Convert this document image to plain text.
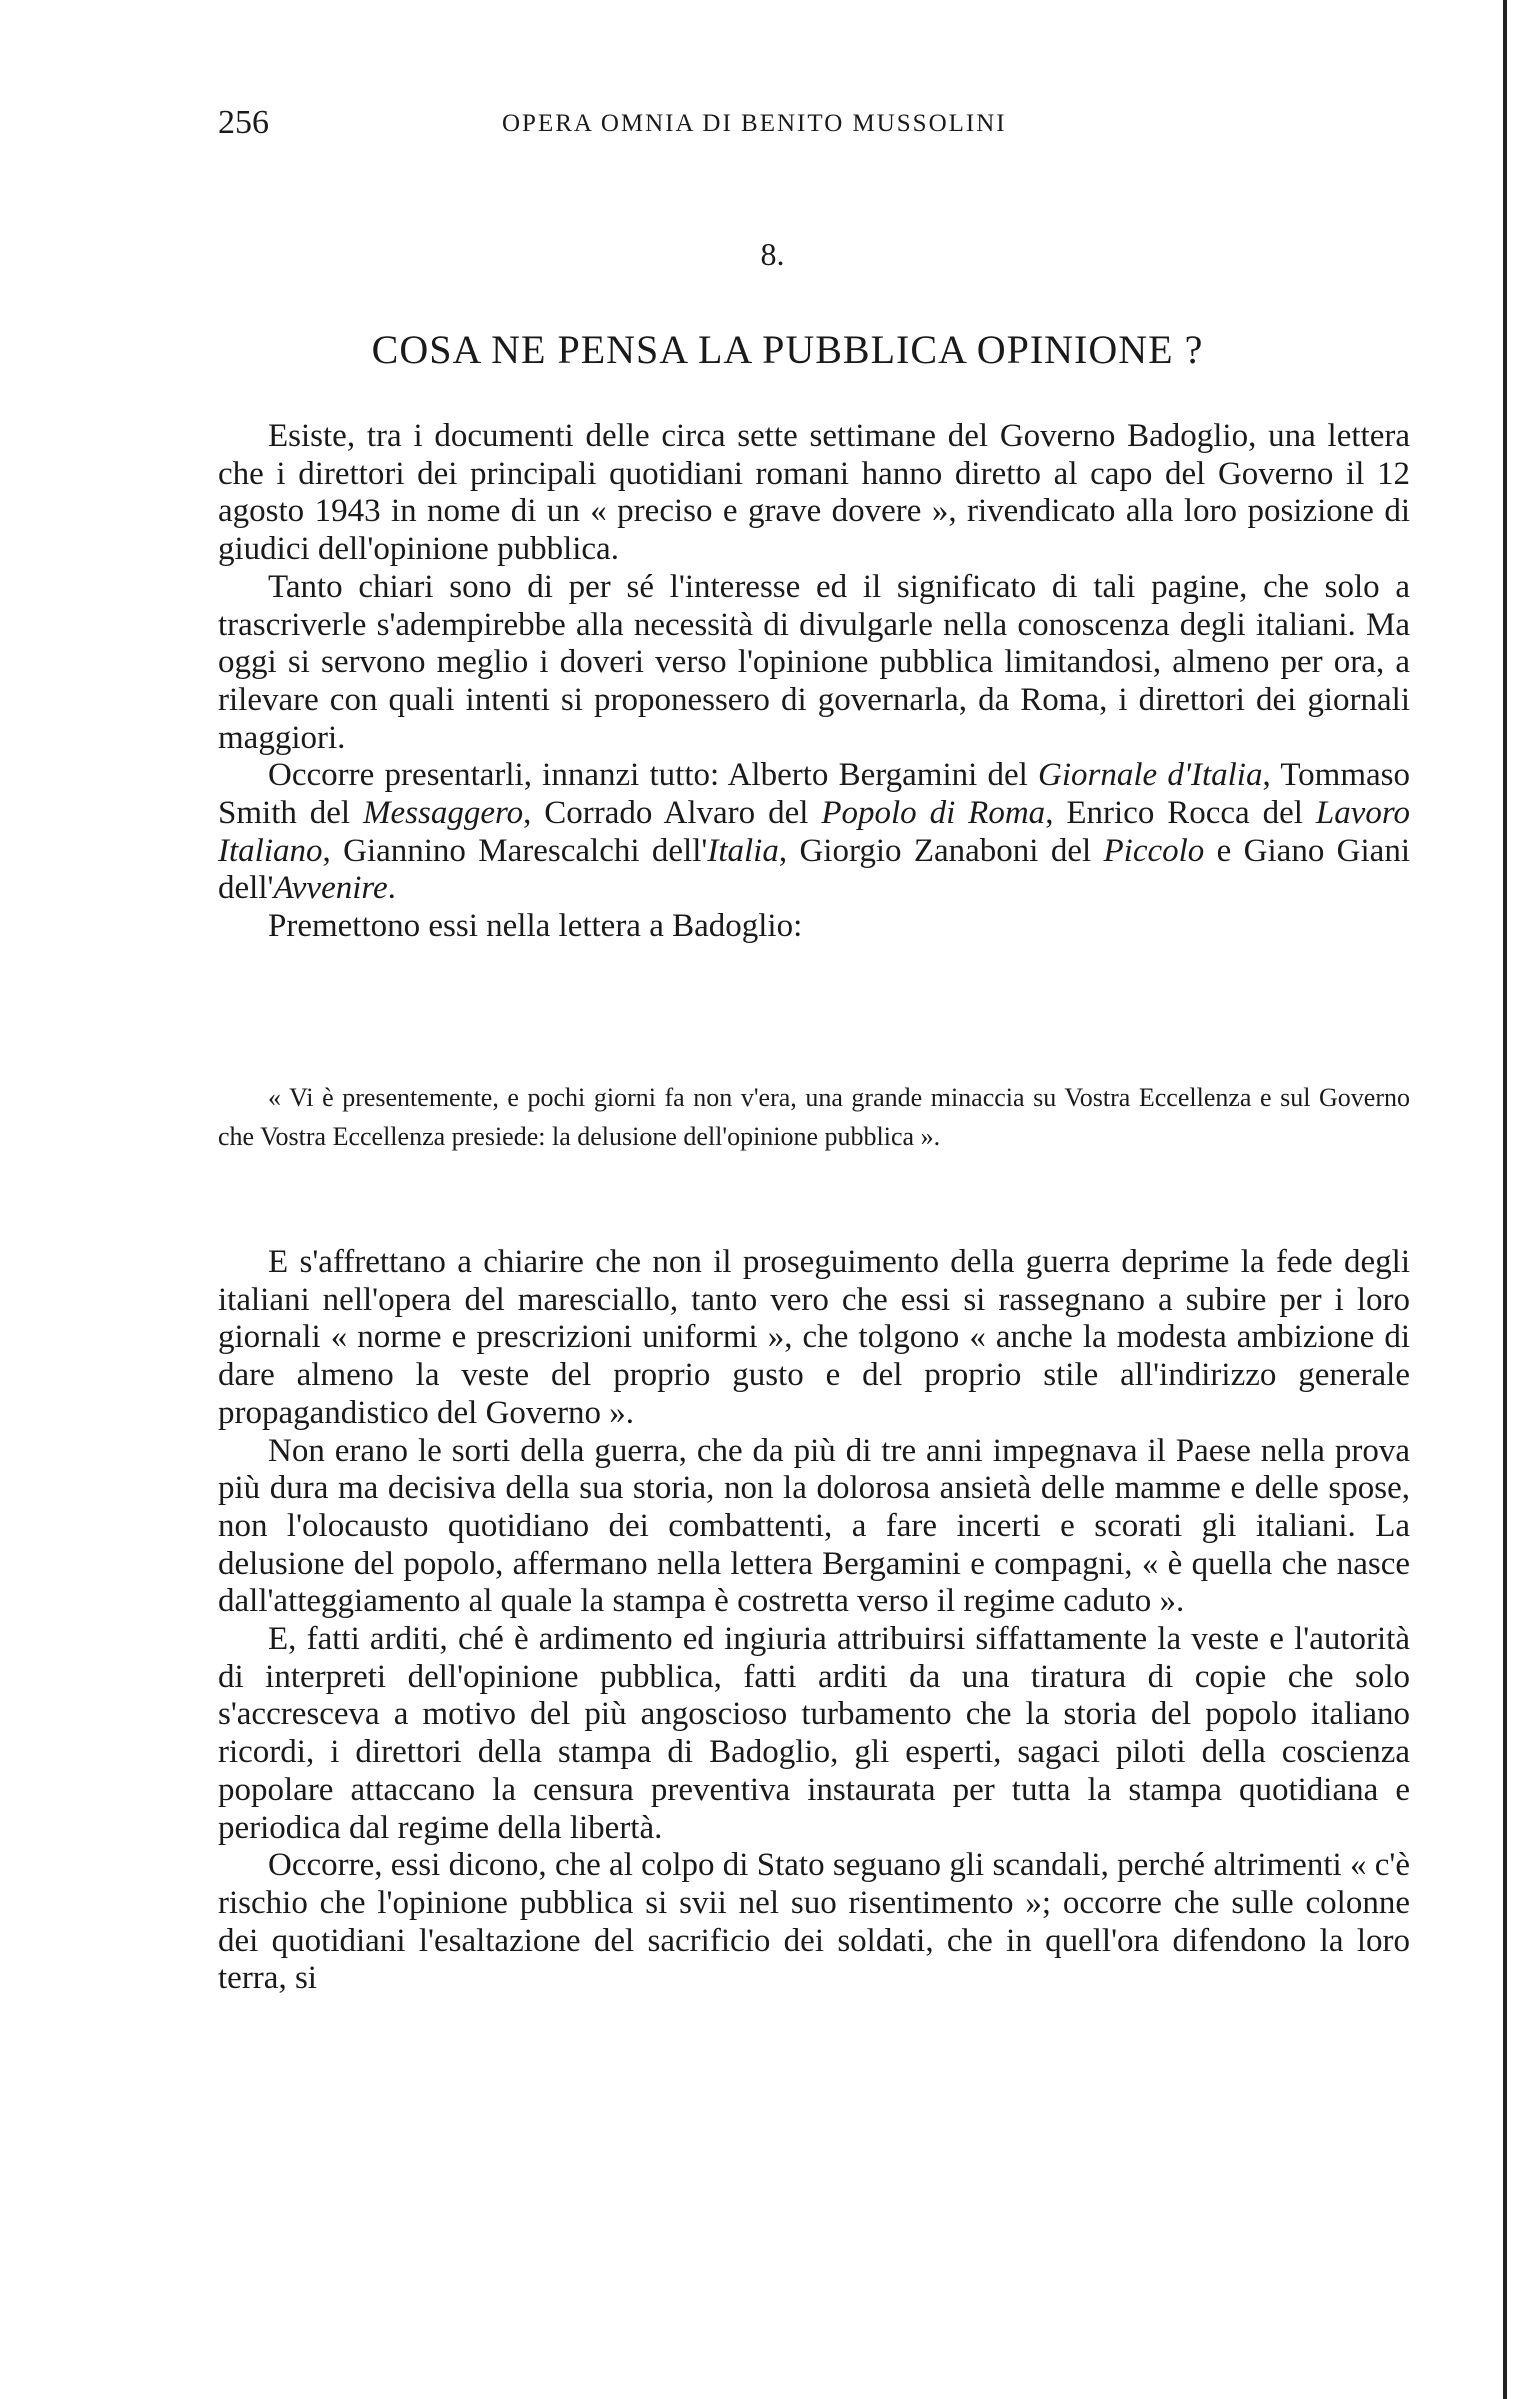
256	OPERA OMNIA DI BENITO MUSSOLINI
8.
COSA NE PENSA LA PUBBLICA OPINIONE ?

Esiste, tra i documenti delle circa sette settimane del Governo Badoglio, una lettera che i direttori dei principali quotidiani romani hanno diretto al capo del Governo il 12 agosto 1943 in nome di un « preciso e grave dovere », rivendicato alla loro posizione di giudici dell'opinione pubblica.

Tanto chiari sono di per sé l'interesse ed il significato di tali pagine, che solo a trascriverle s'adempirebbe alla necessità di divulgarle nella conoscenza degli italiani. Ma oggi si servono meglio i doveri verso l'opinione pubblica limitandosi, almeno per ora, a rilevare con quali intenti si proponessero di governarla, da Roma, i direttori dei giornali maggiori.

Occorre presentarli, innanzi tutto: Alberto Bergamini del Giornale d'Italia, Tommaso Smith del Messaggero, Corrado Alvaro del Popolo di Roma, Enrico Rocca del Lavoro Italiano, Giannino Marescalchi dell'Italia, Giorgio Zanaboni del Piccolo e Giano Giani dell'Avvenire.

Premettono essi nella lettera a Badoglio:

« Vi è presentemente, e pochi giorni fa non v'era, una grande minaccia su Vostra Eccellenza e sul Governo che Vostra Eccellenza presiede: la delusione dell'opinione pubblica ».

E s'affrettano a chiarire che non il proseguimento della guerra deprime la fede degli italiani nell'opera del maresciallo, tanto vero che essi si rassegnano a subire per i loro giornali « norme e prescrizioni uniformi », che tolgono « anche la modesta ambizione di dare almeno la veste del proprio gusto e del proprio stile all'indirizzo generale propagandistico del Governo ».

Non erano le sorti della guerra, che da più di tre anni impegnava il Paese nella prova più dura ma decisiva della sua storia, non la dolorosa ansietà delle mamme e delle spose, non l'olocausto quotidiano dei combattenti, a fare incerti e scorati gli italiani. La delusione del popolo, affermano nella lettera Bergamini e compagni, « è quella che nasce dall'atteggiamento al quale la stampa è costretta verso il regime caduto ».

E, fatti arditi, ché è ardimento ed ingiuria attribuirsi siffattamente la veste e l'autorità di interpreti dell'opinione pubblica, fatti arditi da una tiratura di copie che solo s'accresceva a motivo del più angoscioso turbamento che la storia del popolo italiano ricordi, i direttori della stampa di Badoglio, gli esperti, sagaci piloti della coscienza popolare attaccano la censura preventiva instaurata per tutta la stampa quotidiana e periodica dal regime della libertà.

Occorre, essi dicono, che al colpo di Stato seguano gli scandali, perché altrimenti « c'è rischio che l'opinione pubblica si svii nel suo risentimento »; occorre che sulle colonne dei quotidiani l'esaltazione del sacrificio dei soldati, che in quell'ora difendono la loro terra, si
